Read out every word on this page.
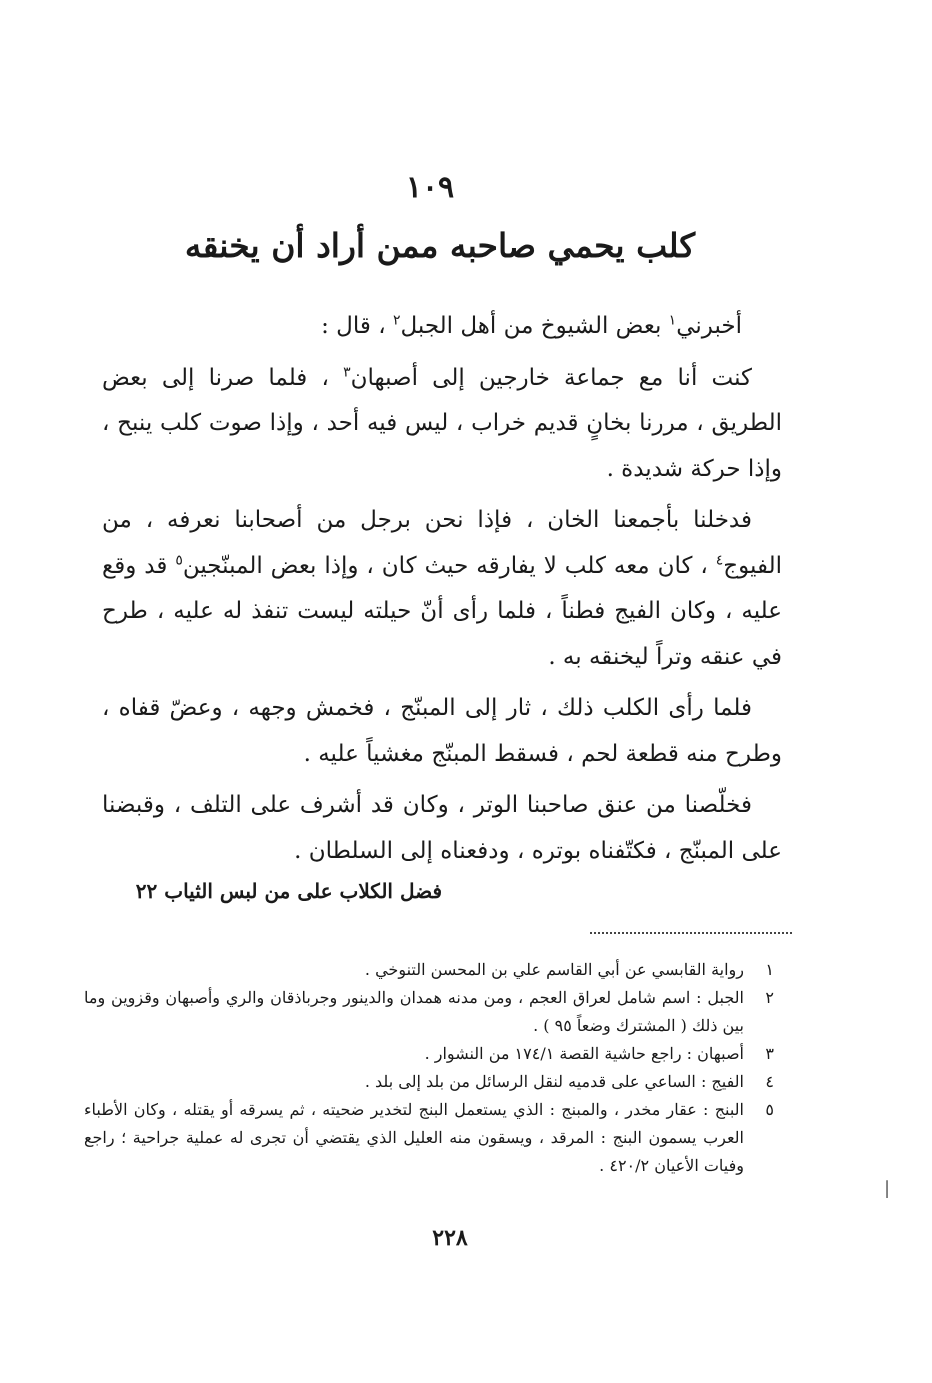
١٠٩
كلب يحمي صاحبه ممن أراد أن يخنقه

أخبرني$^١$ بعض الشيوخ من أهل الجبل$^٢$ ، قال :

كنت أنا مع جماعة خارجين إلى أصبهان$^٣$ ، فلما صرنا إلى بعض الطريق ، مررنا بخانٍ قديم خراب ، ليس فيه أحد ، وإذا صوت كلب ينبح ، وإذا حركة شديدة .

فدخلنا بأجمعنا الخان ، فإذا نحن برجل من أصحابنا نعرفه ، من الفيوج$^٤$ ، كان معه كلب لا يفارقه حيث كان ، وإذا بعض المبنّجين$^٥$ قد وقع عليه ، وكان الفيج فطناً ، فلما رأى أنّ حيلته ليست تنفذ له عليه ، طرح في عنقه وتراً ليخنقه به .

فلما رأى الكلب ذلك ، ثار إلى المبنّج ، فخمش وجهه ، وعضّ قفاه ، وطرح منه قطعة لحم ، فسقط المبنّج مغشياً عليه .

فخلّصنا من عنق صاحبنا الوتر ، وكان قد أشرف على التلف ، وقبضنا على المبنّج ، فكتّفناه بوتره ، ودفعناه إلى السلطان .

فضل الكلاب على من لبس الثياب ٢٢

١
رواية القابسي عن أبي القاسم علي بن المحسن التنوخي .
٢
الجبل : اسم شامل لعراق العجم ، ومن مدنه همدان والدينور وجرباذقان والري وأصبهان وقزوين وما بين ذلك ( المشترك وضعاً ٩٥ ) .
٣
أصبهان : راجع حاشية القصة ١٧٤/١ من النشوار .
٤
الفيج : الساعي على قدميه لنقل الرسائل من بلد إلى بلد .
٥
البنج : عقار مخدر ، والمبنج : الذي يستعمل البنج لتخدير ضحيته ، ثم يسرقه أو يقتله ، وكان الأطباء العرب يسمون البنج : المرقد ، ويسقون منه العليل الذي يقتضي أن تجرى له عملية جراحية ؛ راجع وفيات الأعيان ٤٢٠/٢ .

٢٢٨

|
